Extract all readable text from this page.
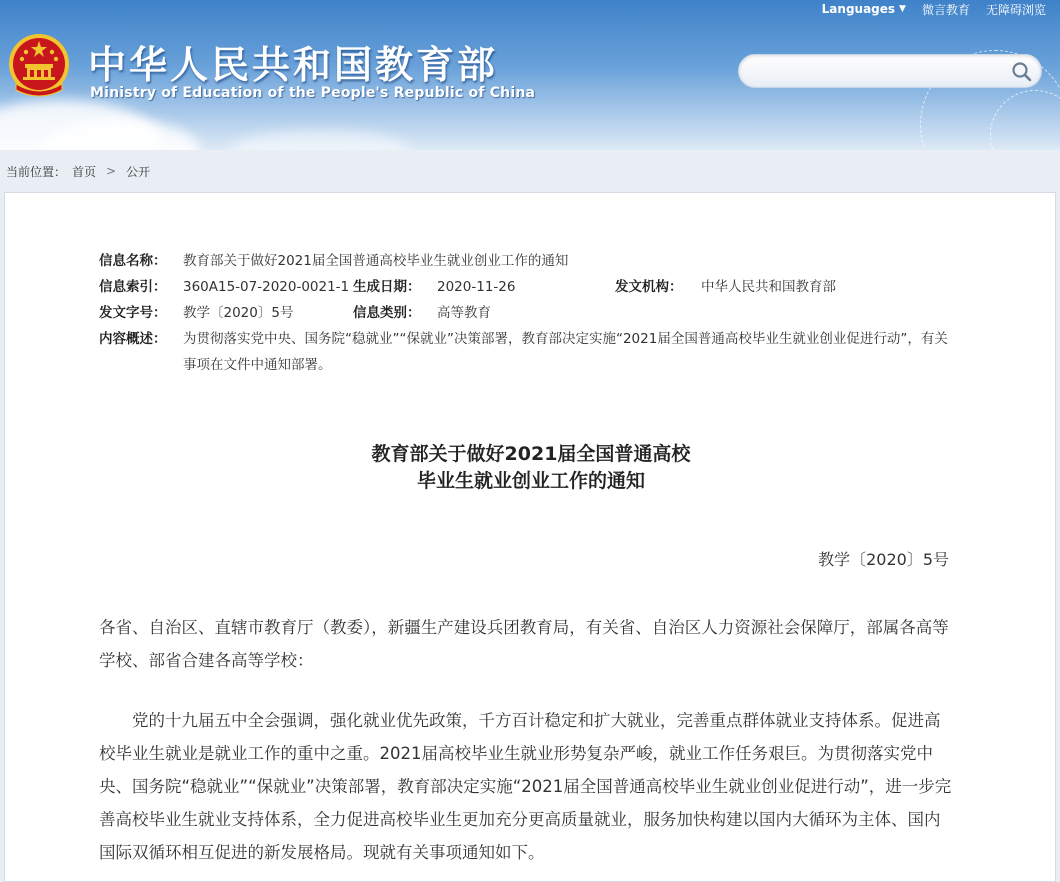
Languages ▼ 微言教育 无障碍浏览
中华人民共和国教育部
Ministry of Education of the People's Republic of China
当前位置： 首页 > 公开
信息名称：	教育部关于做好2021届全国普通高校毕业生就业创业工作的通知
信息索引：	360A15-07-2020-0021-1 生成日期：	2020-11-26	发文机构：	中华人民共和国教育部
发文字号：	教学〔2020〕5号	信息类别：	高等教育
内容概述：	为贯彻落实党中央、国务院“稳就业”“保就业”决策部署，教育部决定实施“2021届全国普通高校毕业生就业创业促进行动”，有关事项在文件中通知部署。
教育部关于做好2021届全国普通高校
毕业生就业创业工作的通知
教学〔2020〕5号

各省、自治区、直辖市教育厅（教委），新疆生产建设兵团教育局，有关省、自治区人力资源社会保障厅，部属各高等学校、部省合建各高等学校：

党的十九届五中全会强调，强化就业优先政策，千方百计稳定和扩大就业，完善重点群体就业支持体系。促进高校毕业生就业是就业工作的重中之重。2021届高校毕业生就业形势复杂严峻，就业工作任务艰巨。为贯彻落实党中央、国务院“稳就业”“保就业”决策部署，教育部决定实施“2021届全国普通高校毕业生就业创业促进行动”，进一步完善高校毕业生就业支持体系，全力促进高校毕业生更加充分更高质量就业，服务加快构建以国内大循环为主体、国内国际双循环相互促进的新发展格局。现就有关事项通知如下。
